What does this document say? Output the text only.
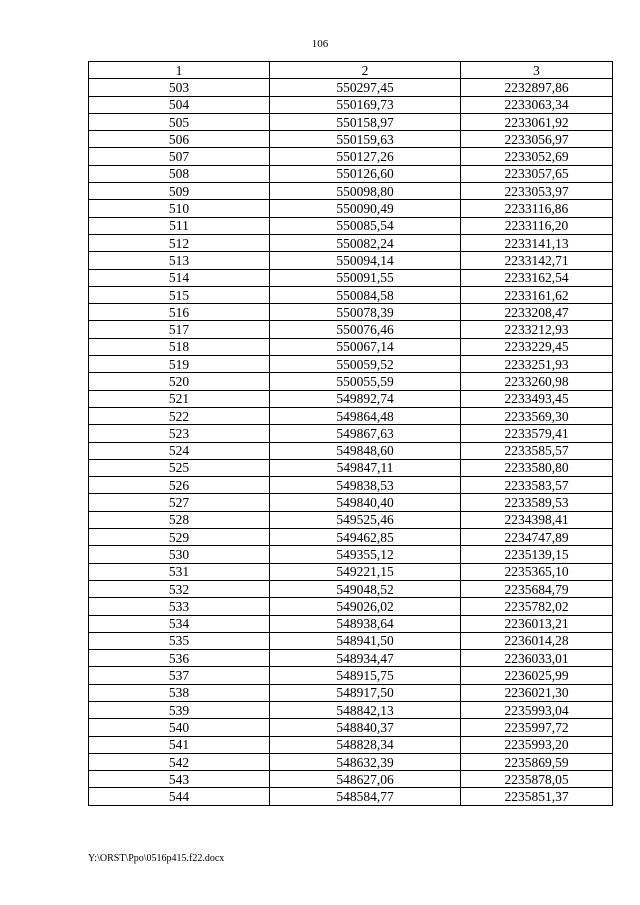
106
1	2	3
503	550297,45	2232897,86
504	550169,73	2233063,34
505	550158,97	2233061,92
506	550159,63	2233056,97
507	550127,26	2233052,69
508	550126,60	2233057,65
509	550098,80	2233053,97
510	550090,49	2233116,86
511	550085,54	2233116,20
512	550082,24	2233141,13
513	550094,14	2233142,71
514	550091,55	2233162,54
515	550084,58	2233161,62
516	550078,39	2233208,47
517	550076,46	2233212,93
518	550067,14	2233229,45
519	550059,52	2233251,93
520	550055,59	2233260,98
521	549892,74	2233493,45
522	549864,48	2233569,30
523	549867,63	2233579,41
524	549848,60	2233585,57
525	549847,11	2233580,80
526	549838,53	2233583,57
527	549840,40	2233589,53
528	549525,46	2234398,41
529	549462,85	2234747,89
530	549355,12	2235139,15
531	549221,15	2235365,10
532	549048,52	2235684,79
533	549026,02	2235782,02
534	548938,64	2236013,21
535	548941,50	2236014,28
536	548934,47	2236033,01
537	548915,75	2236025,99
538	548917,50	2236021,30
539	548842,13	2235993,04
540	548840,37	2235997,72
541	548828,34	2235993,20
542	548632,39	2235869,59
543	548627,06	2235878,05
544	548584,77	2235851,37
Y:\ORST\Ppo\0516p415.f22.docx
